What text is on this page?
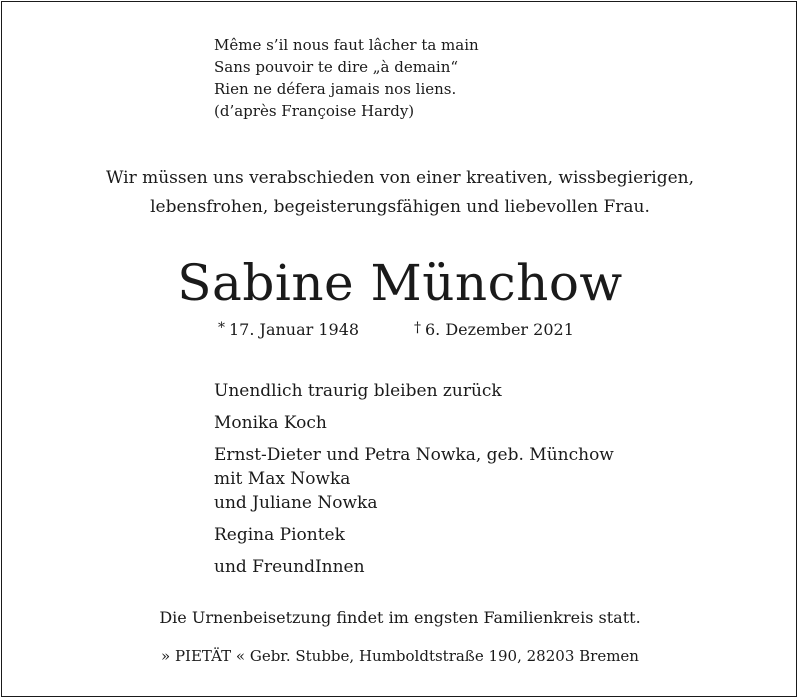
Même s’il nous faut lâcher ta main
Sans pouvoir te dire „à demain“
Rien ne défera jamais nos liens.
(d’après Françoise Hardy)
Wir müssen uns verabschieden von einer kreativen, wissbegierigen,
lebensfrohen, begeisterungsfähigen und liebevollen Frau.
Sabine Münchow
* 17. Januar 1948	† 6. Dezember 2021
Unendlich traurig bleiben zurück
Monika Koch
Ernst-Dieter und Petra Nowka, geb. Münchow
mit Max Nowka
und Juliane Nowka
Regina Piontek
und FreundInnen
Die Urnenbeisetzung findet im engsten Familienkreis statt.
» PIETÄT « Gebr. Stubbe, Humboldtstraße 190, 28203 Bremen
